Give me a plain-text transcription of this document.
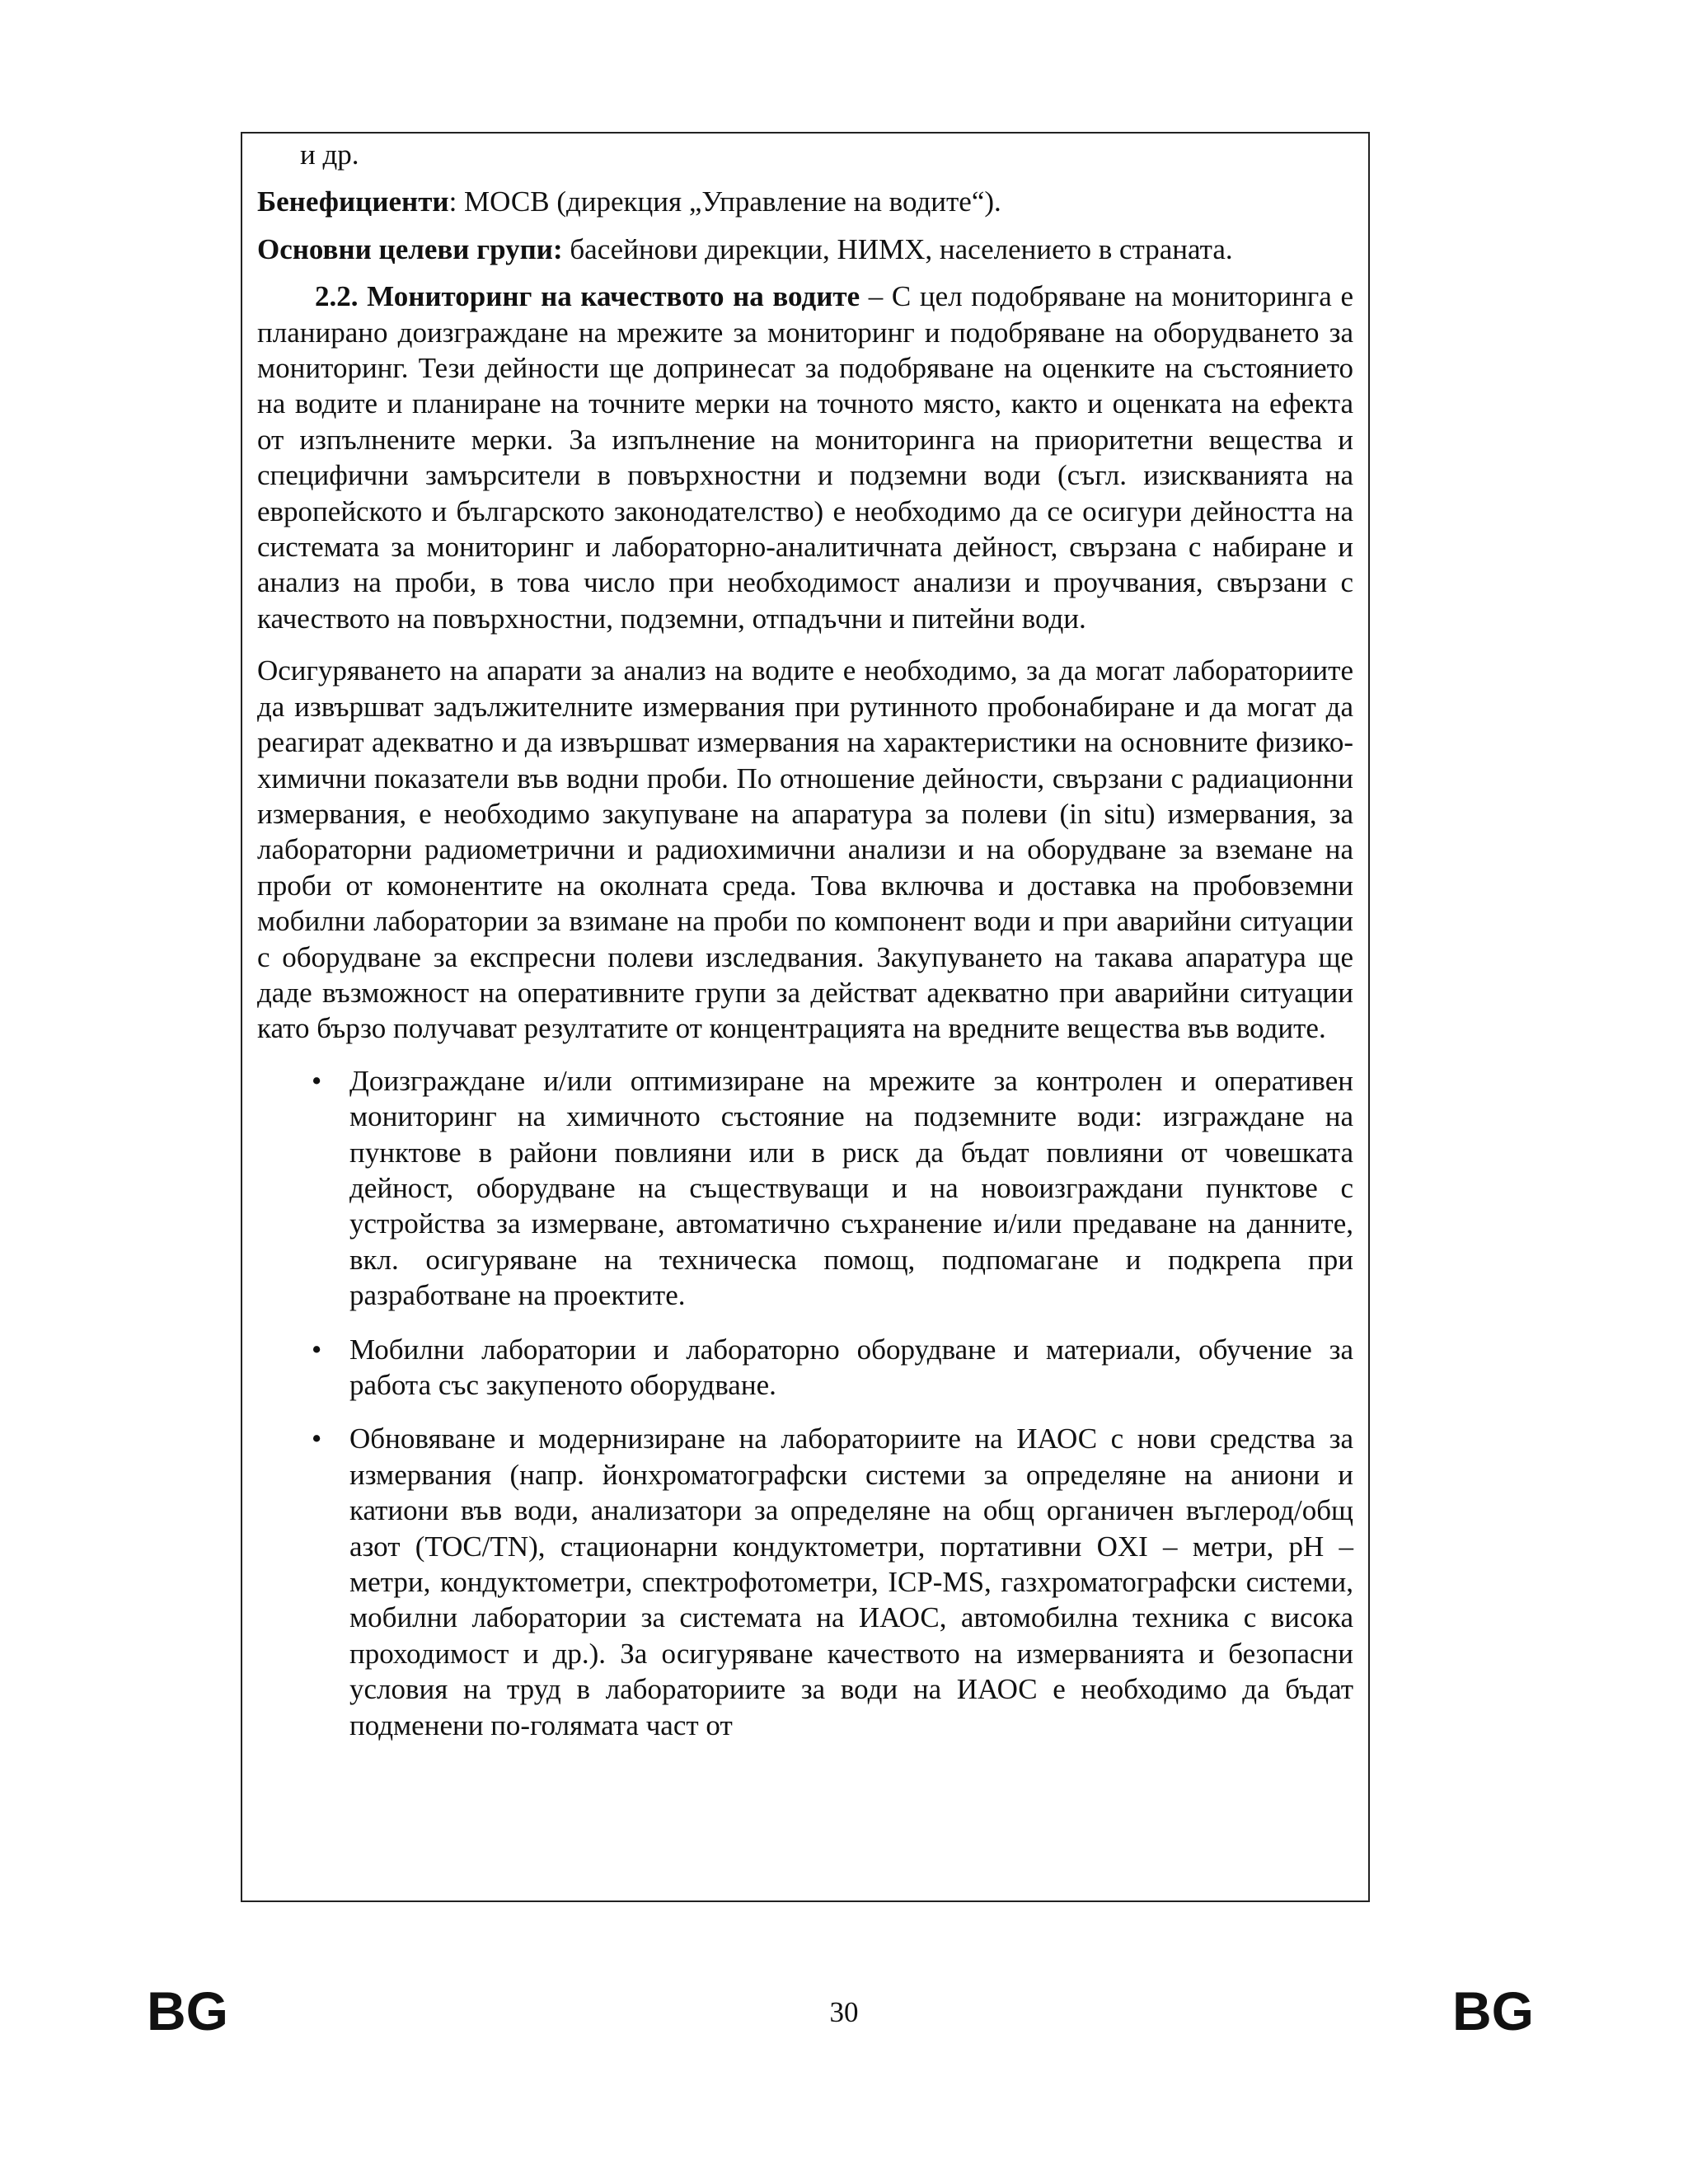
и др.

Бенефициенти: МОСВ (дирекция „Управление на водите“).

Основни целеви групи: басейнови дирекции, НИМХ, населението в страната.

2.2. Мониторинг на качеството на водите – С цел подобряване на мониторинга е планирано доизграждане на мрежите за мониторинг и подобряване на оборудването за мониторинг. Тези дейности ще допринесат за подобряване на оценките на състоянието на водите и планиране на точните мерки на точното място, както и оценката на ефекта от изпълнените мерки. За изпълнение на мониторинга на приоритетни вещества и специфични замърсители в повърхностни и подземни води (съгл. изискванията на европейското и българското законодателство) е необходимо да се осигури дейността на системата за мониторинг и лабораторно-аналитичната дейност, свързана с набиране и анализ на проби, в това число при необходимост анализи и проучвания, свързани с качеството на повърхностни, подземни, отпадъчни и питейни води.

Осигуряването на апарати за анализ на водите е необходимо, за да могат лабораториите да извършват задължителните измервания при рутинното пробонабиране и да могат да реагират адекватно и да извършват измервания на характеристики на основните физико-химични показатели във водни проби. По отношение дейности, свързани с радиационни измервания, е необходимо закупуване на апаратура за полеви (in situ) измервания, за лабораторни радиометрични и радиохимични анализи и на оборудване за вземане на проби от комонентите на околната среда. Това включва и доставка на пробовземни мобилни лаборатории за взимане на проби по компонент води и при аварийни ситуации с оборудване за експресни полеви изследвания. Закупуването на такава апаратура ще даде възможност на оперативните групи за действат адекватно при аварийни ситуации като бързо получават резултатите от концентрацията на вредните вещества във водите.

• Доизграждане и/или оптимизиране на мрежите за контролен и оперативен мониторинг на химичното състояние на подземните води: изграждане на пунктове в райони повлияни или в риск да бъдат повлияни от човешката дейност, оборудване на съществуващи и на новоизграждани пунктове с устройства за измерване, автоматично съхранение и/или предаване на данните, вкл. осигуряване на техническа помощ, подпомагане и подкрепа при разработване на проектите.
• Мобилни лаборатории и лабораторно оборудване и материали, обучение за работа със закупеното оборудване.
• Обновяване и модернизиране на лабораториите на ИАОС с нови средства за измервания (напр. йонхроматографски системи за определяне на аниони и катиони във води, анализатори за определяне на общ органичен въглерод/общ азот (TOC/TN), стационарни кондуктометри, портативни OXI – метри, pH – метри, кондуктометри, спектрофотометри, ICP-MS, газхроматографски системи, мобилни лаборатории за системата на ИАОС, автомобилна техника с висока проходимост и др.). За осигуряване качеството на измерванията и безопасни условия на труд в лабораториите за води на ИАОС е необходимо да бъдат подменени по-голямата част от
BG	30	BG
